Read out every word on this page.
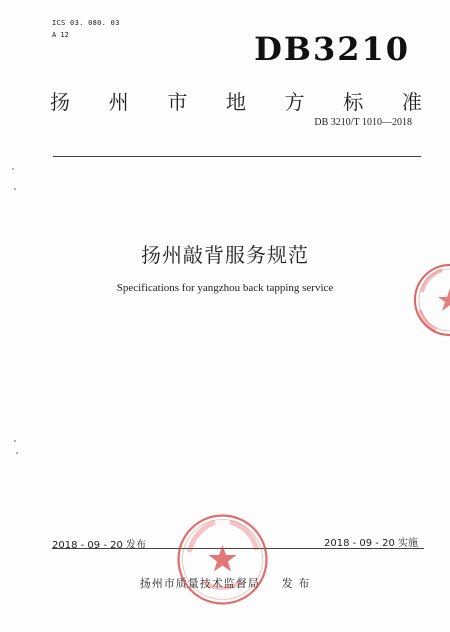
ICS 03. 080. 03
A 12	DB3210
扬 州 市 地 方 标 准
DB 3210/T 1010—2018
扬州敲背服务规范
Specifications for yangzhou back tapping service
2018 - 09 - 20 发布	2018 - 09 - 20 实施
扬州市质量技术监督局 发 布
